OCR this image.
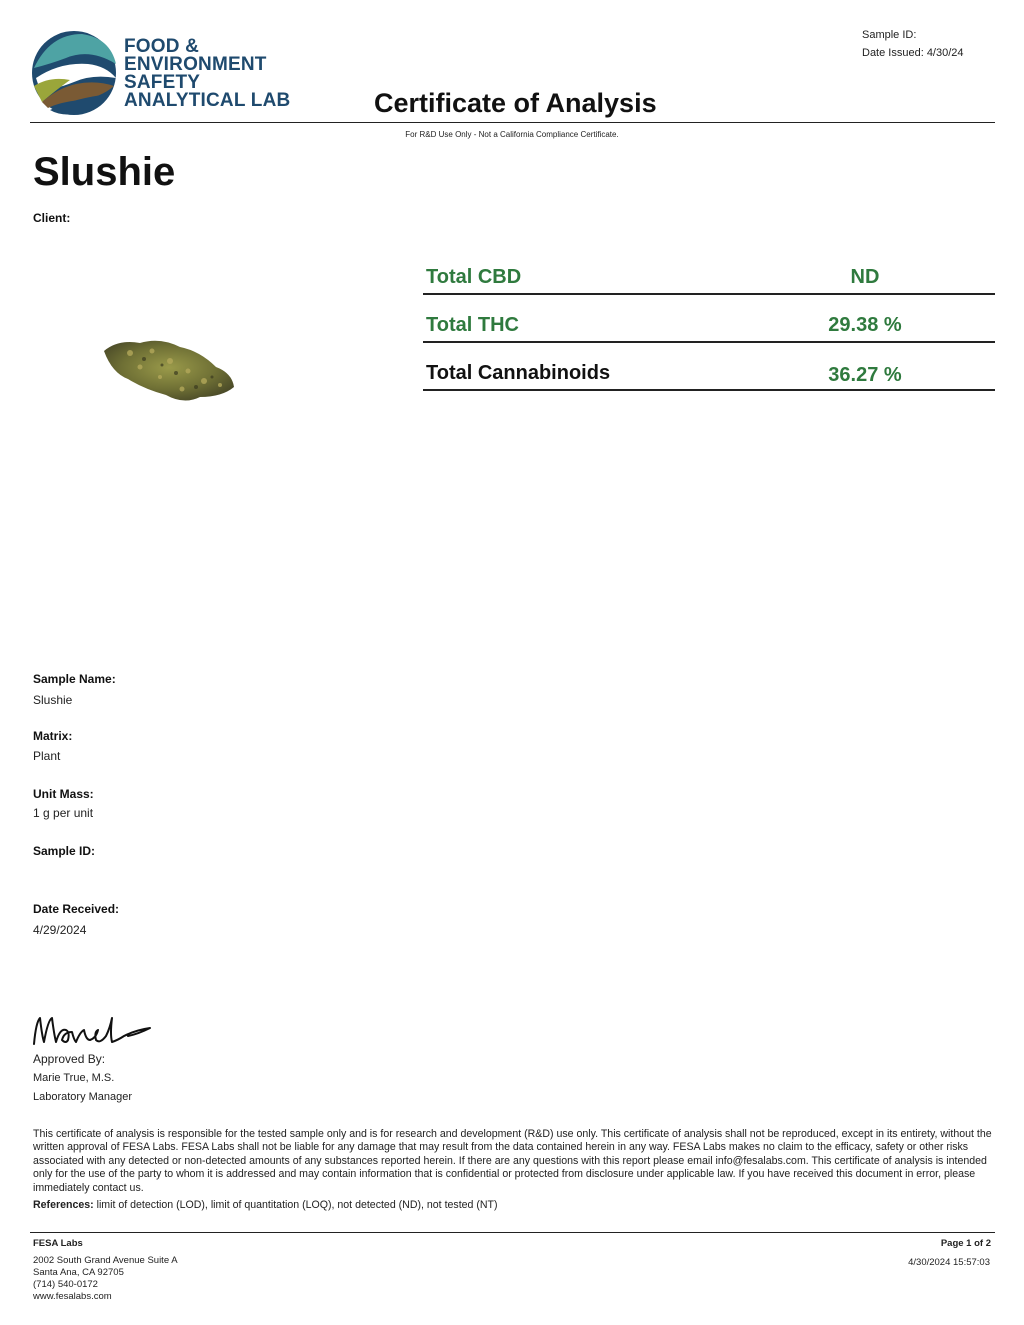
FOOD &
ENVIRONMENT
SAFETY
ANALYTICAL LAB
Sample ID:
Date Issued: 4/30/24
Certificate of Analysis
For R&D Use Only - Not a California Compliance Certificate.
Slushie
Client:
Total CBD	ND
Total THC	29.38 %
Total Cannabinoids	36.27 %
Sample Name:
Slushie
Matrix:
Plant
Unit Mass:
1 g per unit
Sample ID:
Date Received:
4/29/2024
Approved By:
Marie True, M.S.
Laboratory Manager
This certificate of analysis is responsible for the tested sample only and is for research and development (R&D) use only. This certificate of analysis shall not be reproduced, except in its entirety, without the written approval of FESA Labs. FESA Labs shall not be liable for any damage that may result from the data contained herein in any way. FESA Labs makes no claim to the efficacy, safety or other risks associated with any detected or non-detected amounts of any substances reported herein. If there are any questions with this report please email info@fesalabs.com. This certificate of analysis is intended only for the use of the party to whom it is addressed and may contain information that is confidential or protected from disclosure under applicable law. If you have received this document in error, please immediately contact us.
References: limit of detection (LOD), limit of quantitation (LOQ), not detected (ND), not tested (NT)
FESA Labs
2002 South Grand Avenue Suite A
Santa Ana, CA 92705
(714) 540-0172
www.fesalabs.com
Page 1 of 2
4/30/2024 15:57:03
